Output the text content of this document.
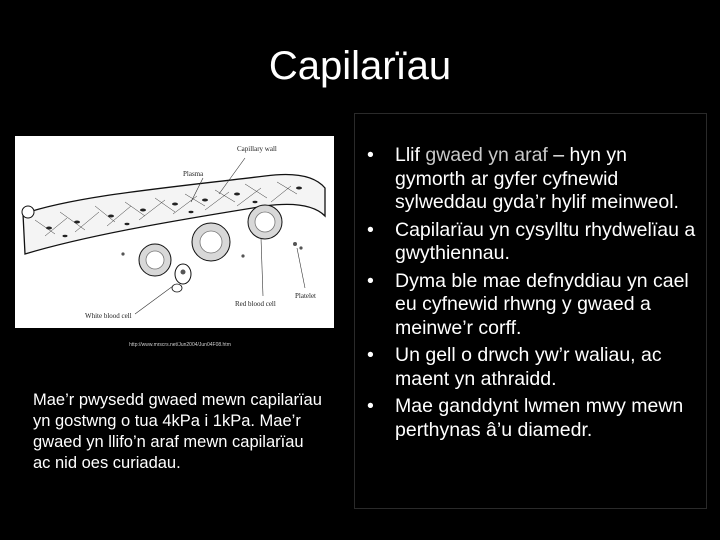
Capilarïau
Capillary wall
Plasma
Platelet
Red blood cell
White blood cell
http://www.mrscrs.net/Jun2004/Jun04F08.htm
Mae’r pwysedd gwaed mewn capilarïau yn gostwng o tua 4kPa i 1kPa. Mae’r gwaed yn llifo’n araf mewn capilarïau ac nid oes curiadau.
• Llif gwaed yn araf – hyn yn gymorth ar gyfer cyfnewid sylweddau gyda’r hylif meinweol.
• Capilarïau yn cysylltu rhydwelïau a gwythiennau.
• Dyma ble mae defnyddiau yn cael eu cyfnewid rhwng y gwaed a meinwe’r corff.
• Un gell o drwch yw’r waliau, ac maent yn athraidd.
• Mae ganddynt lwmen mwy mewn perthynas â’u diamedr.
